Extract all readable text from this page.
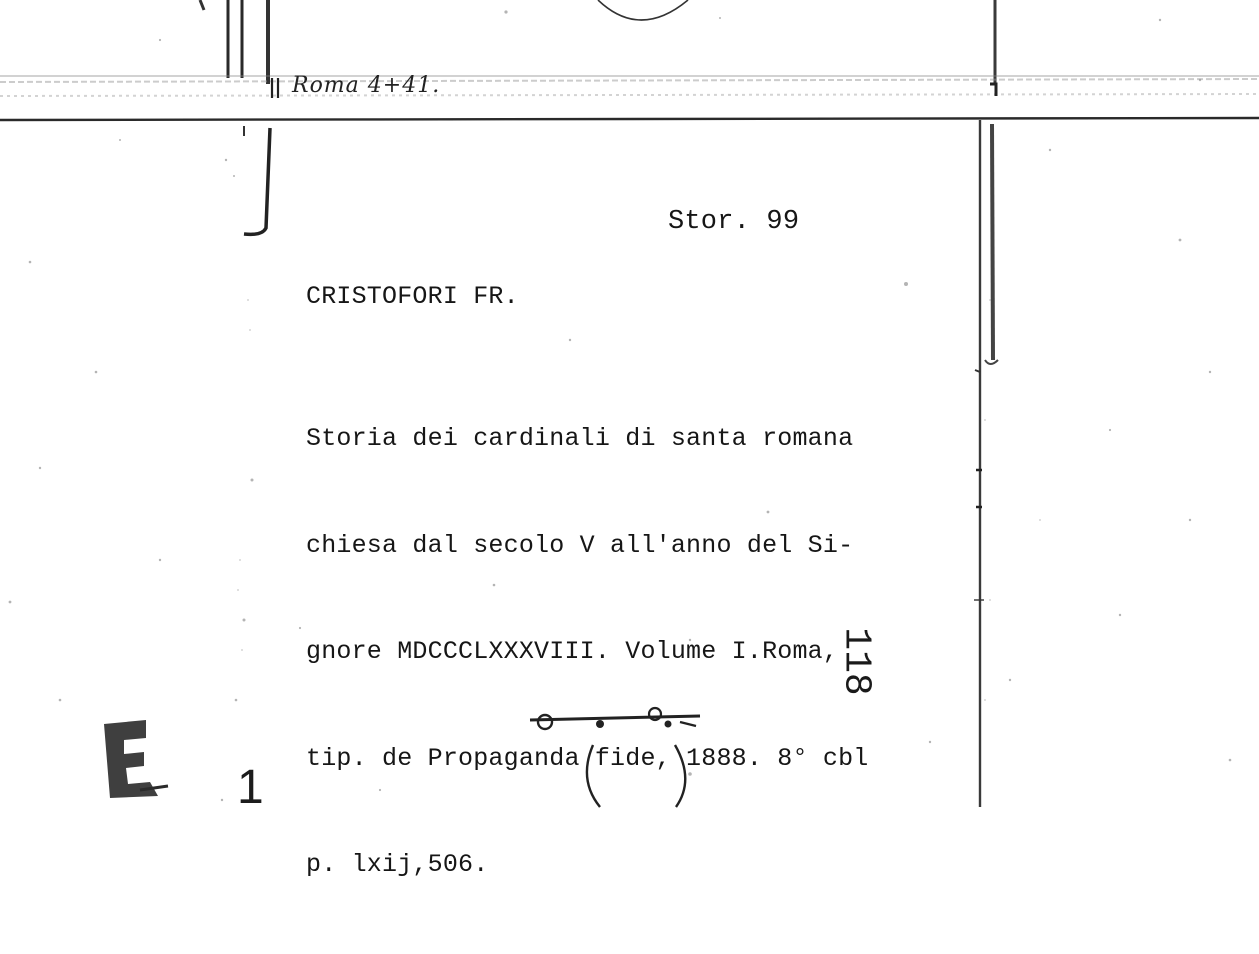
Roma 4+41.

Stor. 99

CRISTOFORI FR.

Storia dei cardinali di santa romana

chiesa dal secolo V all'anno del Si-

gnore MDCCCLXXXVIII. Volume I.Roma,

tip. de Propaganda fide, 1888. 8° cbl

p. lxij,506.

118
1
